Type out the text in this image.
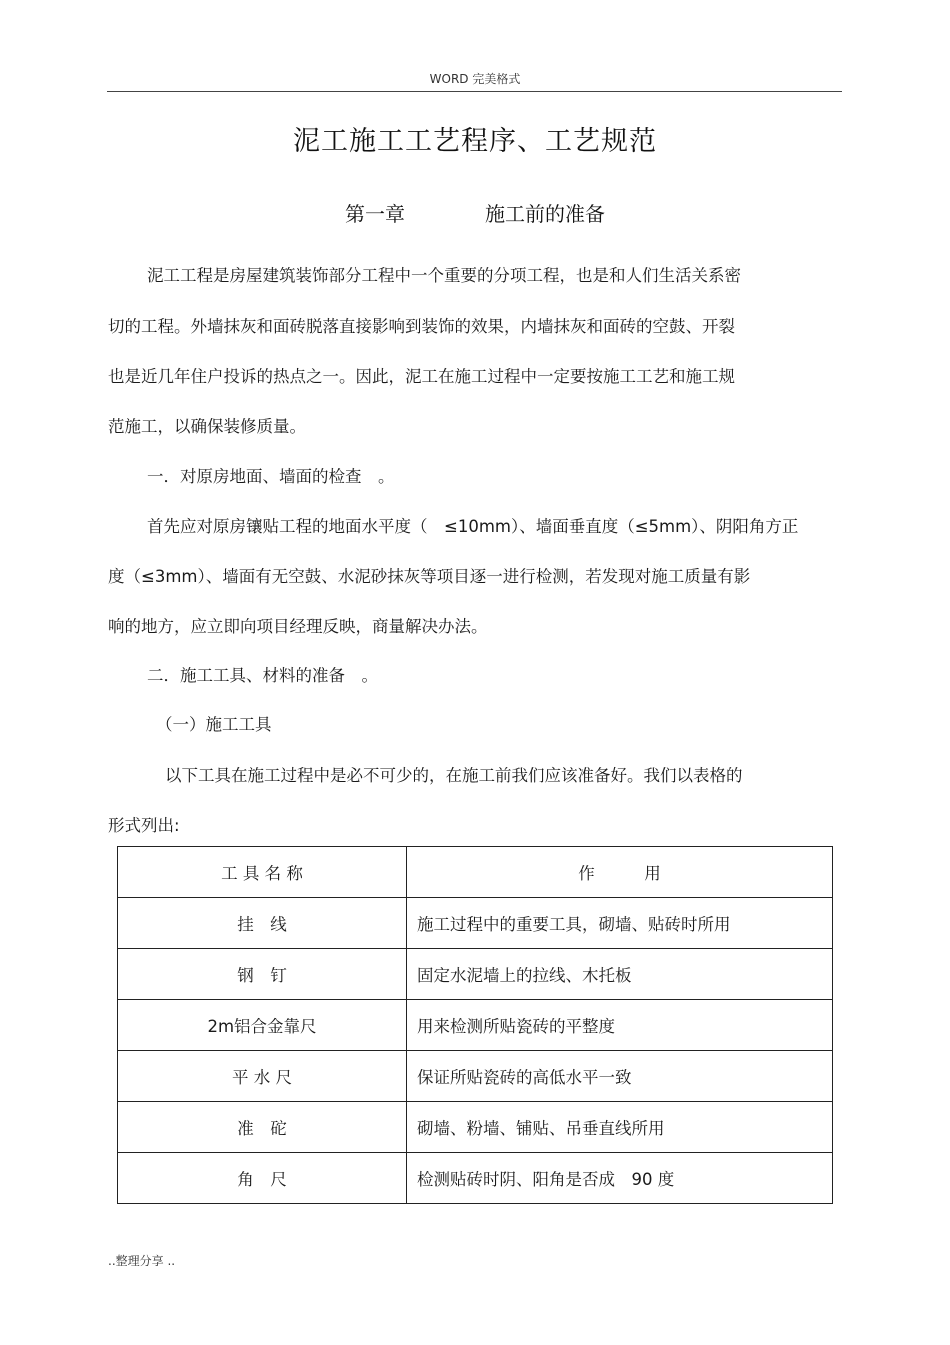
WORD 完美格式
泥工施工工艺程序、工艺规范
第一章	施工前的准备
泥工工程是房屋建筑装饰部分工程中一个重要的分项工程，也是和人们生活关系密
切的工程。外墙抹灰和面砖脱落直接影响到装饰的效果，内墙抹灰和面砖的空鼓、开裂
也是近几年住户投诉的热点之一。因此，泥工在施工过程中一定要按施工工艺和施工规
范施工，以确保装修质量。
一．对原房地面、墙面的检查　。
首先应对原房镶贴工程的地面水平度（　≤10mm）、墙面垂直度（≤5mm）、阴阳角方正
度（≤3mm）、墙面有无空鼓、水泥砂抹灰等项目逐一进行检测，若发现对施工质量有影
响的地方，应立即向项目经理反映，商量解决办法。
二．施工工具、材料的准备　。
（一）施工工具
以下工具在施工过程中是必不可少的，在施工前我们应该准备好。我们以表格的
形式列出:
工 具 名 称	作　　　用
挂　线	施工过程中的重要工具，砌墙、贴砖时所用
钢　钉	固定水泥墙上的拉线、木托板
2m铝合金靠尺	用来检测所贴瓷砖的平整度
平 水 尺	保证所贴瓷砖的高低水平一致
准　砣	砌墙、粉墙、铺贴、吊垂直线所用
角　尺	检测贴砖时阴、阳角是否成　90 度
..整理分享 ..
